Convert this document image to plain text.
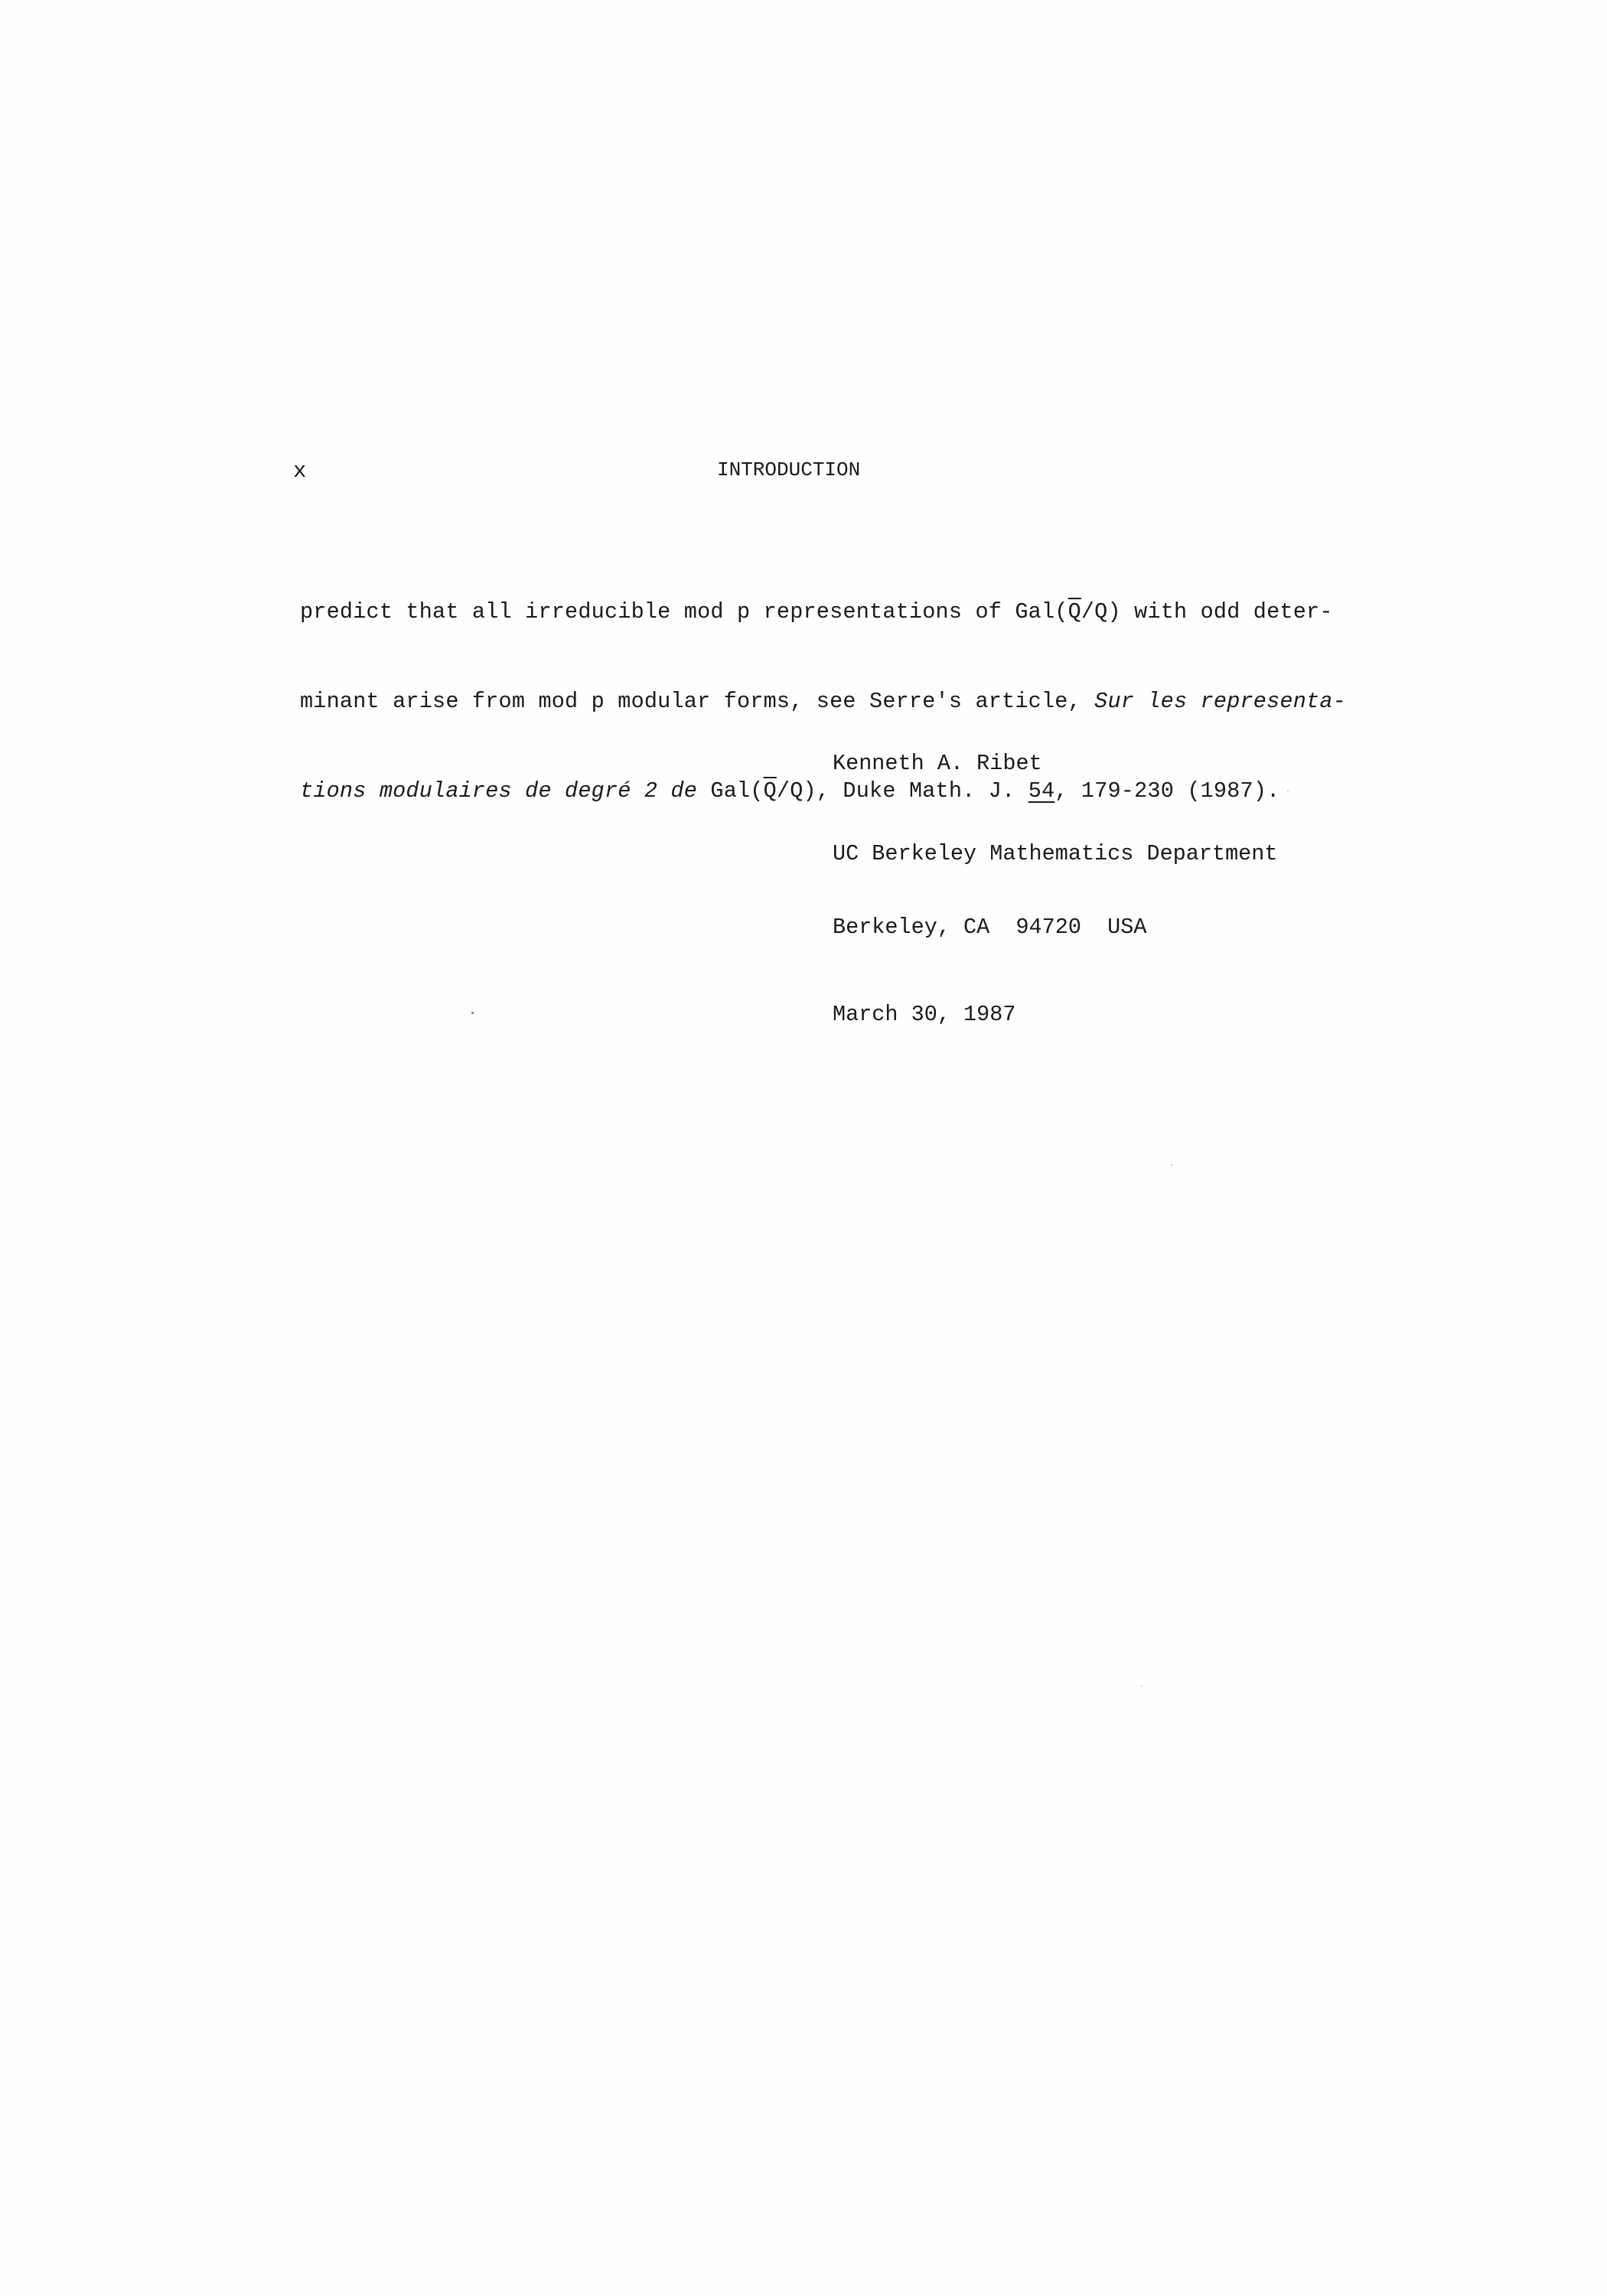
x	INTRODUCTION

predict that all irreducible mod p representations of $Gal(\overline{Q}/Q)$ with odd deter-

minant arise from mod p modular forms, see Serre's article, Sur les representa-

tions modulaires de degré 2 de $Gal(\overline{Q}/Q)$, Duke Math. J. 54, 179-230 (1987).

Kenneth A. Ribet

UC Berkeley Mathematics Department

Berkeley, CA  94720  USA

March 30, 1987
